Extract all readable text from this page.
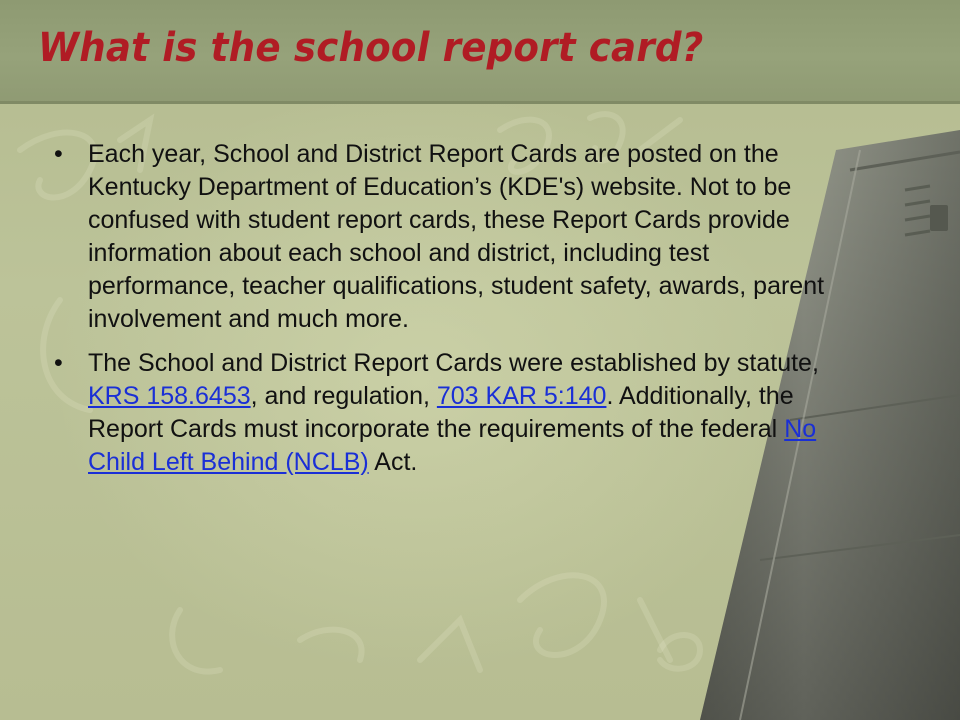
What is the school report card?
• Each year, School and District Report Cards are posted on the Kentucky Department of Education’s (KDE's) website. Not to be confused with student report cards, these Report Cards provide information about each school and district, including test performance, teacher qualifications, student safety, awards, parent involvement and much more.
• The School and District Report Cards were established by statute, KRS 158.6453, and regulation, 703 KAR 5:140. Additionally, the Report Cards must incorporate the requirements of the federal No Child Left Behind (NCLB) Act.
